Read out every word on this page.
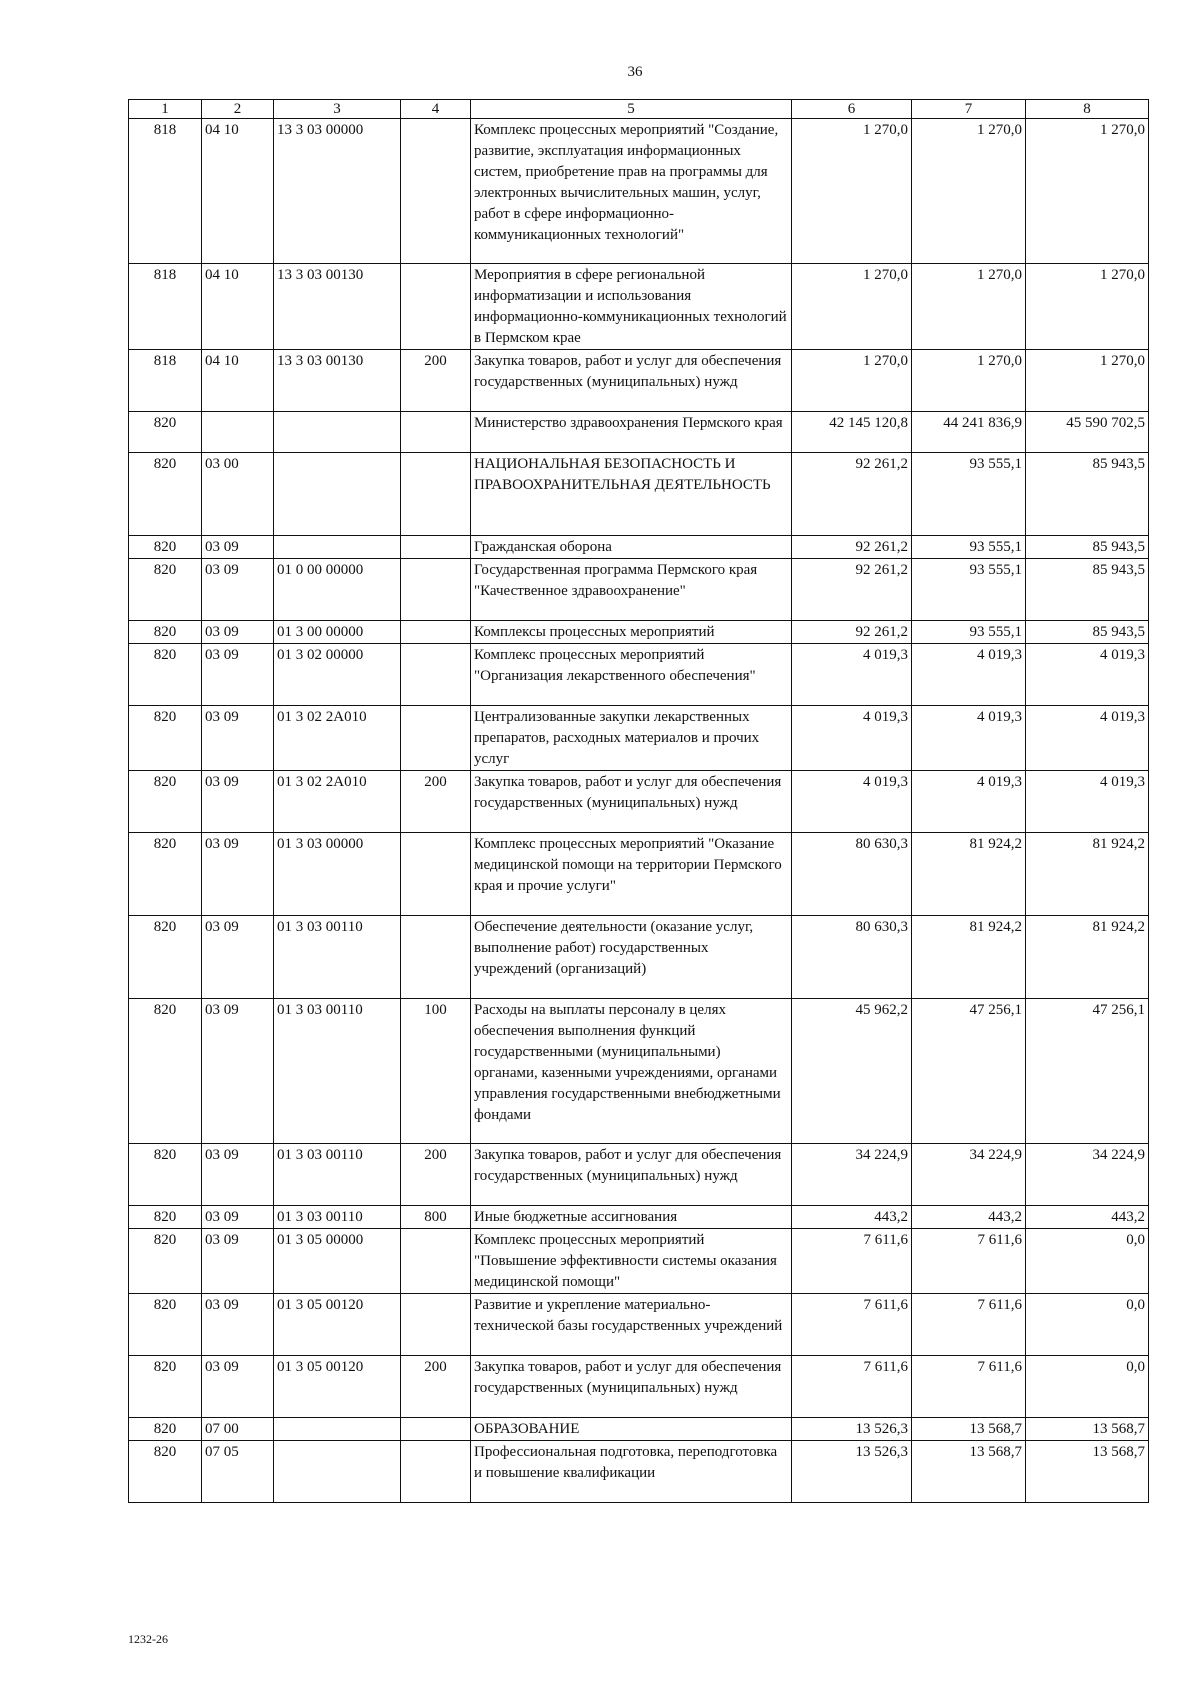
36
1	2	3	4	5	6	7	8
818	04 10	13 3 03 00000		Комплекс процессных мероприятий "Создание, развитие, эксплуатация информационных систем, приобретение прав на программы для электронных вычислительных машин, услуг, работ в сфере информационно-коммуникационных технологий"	1 270,0	1 270,0	1 270,0
818	04 10	13 3 03 00130		Мероприятия в сфере региональной информатизации и использования информационно-коммуникационных технологий в Пермском крае	1 270,0	1 270,0	1 270,0
818	04 10	13 3 03 00130	200	Закупка товаров, работ и услуг для обеспечения государственных (муниципальных) нужд	1 270,0	1 270,0	1 270,0
820				Министерство здравоохранения Пермского края	42 145 120,8	44 241 836,9	45 590 702,5
820	03 00			НАЦИОНАЛЬНАЯ БЕЗОПАСНОСТЬ И ПРАВООХРАНИТЕЛЬНАЯ ДЕЯТЕЛЬНОСТЬ	92 261,2	93 555,1	85 943,5
820	03 09			Гражданская оборона	92 261,2	93 555,1	85 943,5
820	03 09	01 0 00 00000		Государственная программа Пермского края "Качественное здравоохранение"	92 261,2	93 555,1	85 943,5
820	03 09	01 3 00 00000		Комплексы процессных мероприятий	92 261,2	93 555,1	85 943,5
820	03 09	01 3 02 00000		Комплекс процессных мероприятий "Организация лекарственного обеспечения"	4 019,3	4 019,3	4 019,3
820	03 09	01 3 02 2А010		Централизованные закупки лекарственных препаратов, расходных материалов и прочих услуг	4 019,3	4 019,3	4 019,3
820	03 09	01 3 02 2А010	200	Закупка товаров, работ и услуг для обеспечения государственных (муниципальных) нужд	4 019,3	4 019,3	4 019,3
820	03 09	01 3 03 00000		Комплекс процессных мероприятий "Оказание медицинской помощи на территории Пермского края и прочие услуги"	80 630,3	81 924,2	81 924,2
820	03 09	01 3 03 00110		Обеспечение деятельности (оказание услуг, выполнение работ) государственных учреждений (организаций)	80 630,3	81 924,2	81 924,2
820	03 09	01 3 03 00110	100	Расходы на выплаты персоналу в целях обеспечения выполнения функций государственными (муниципальными) органами, казенными учреждениями, органами управления государственными внебюджетными фондами	45 962,2	47 256,1	47 256,1
820	03 09	01 3 03 00110	200	Закупка товаров, работ и услуг для обеспечения государственных (муниципальных) нужд	34 224,9	34 224,9	34 224,9
820	03 09	01 3 03 00110	800	Иные бюджетные ассигнования	443,2	443,2	443,2
820	03 09	01 3 05 00000		Комплекс процессных мероприятий "Повышение эффективности системы оказания медицинской помощи"	7 611,6	7 611,6	0,0
820	03 09	01 3 05 00120		Развитие и укрепление материально-технической базы государственных учреждений	7 611,6	7 611,6	0,0
820	03 09	01 3 05 00120	200	Закупка товаров, работ и услуг для обеспечения государственных (муниципальных) нужд	7 611,6	7 611,6	0,0
820	07 00			ОБРАЗОВАНИЕ	13 526,3	13 568,7	13 568,7
820	07 05			Профессиональная подготовка, переподготовка и повышение квалификации	13 526,3	13 568,7	13 568,7
1232-26
